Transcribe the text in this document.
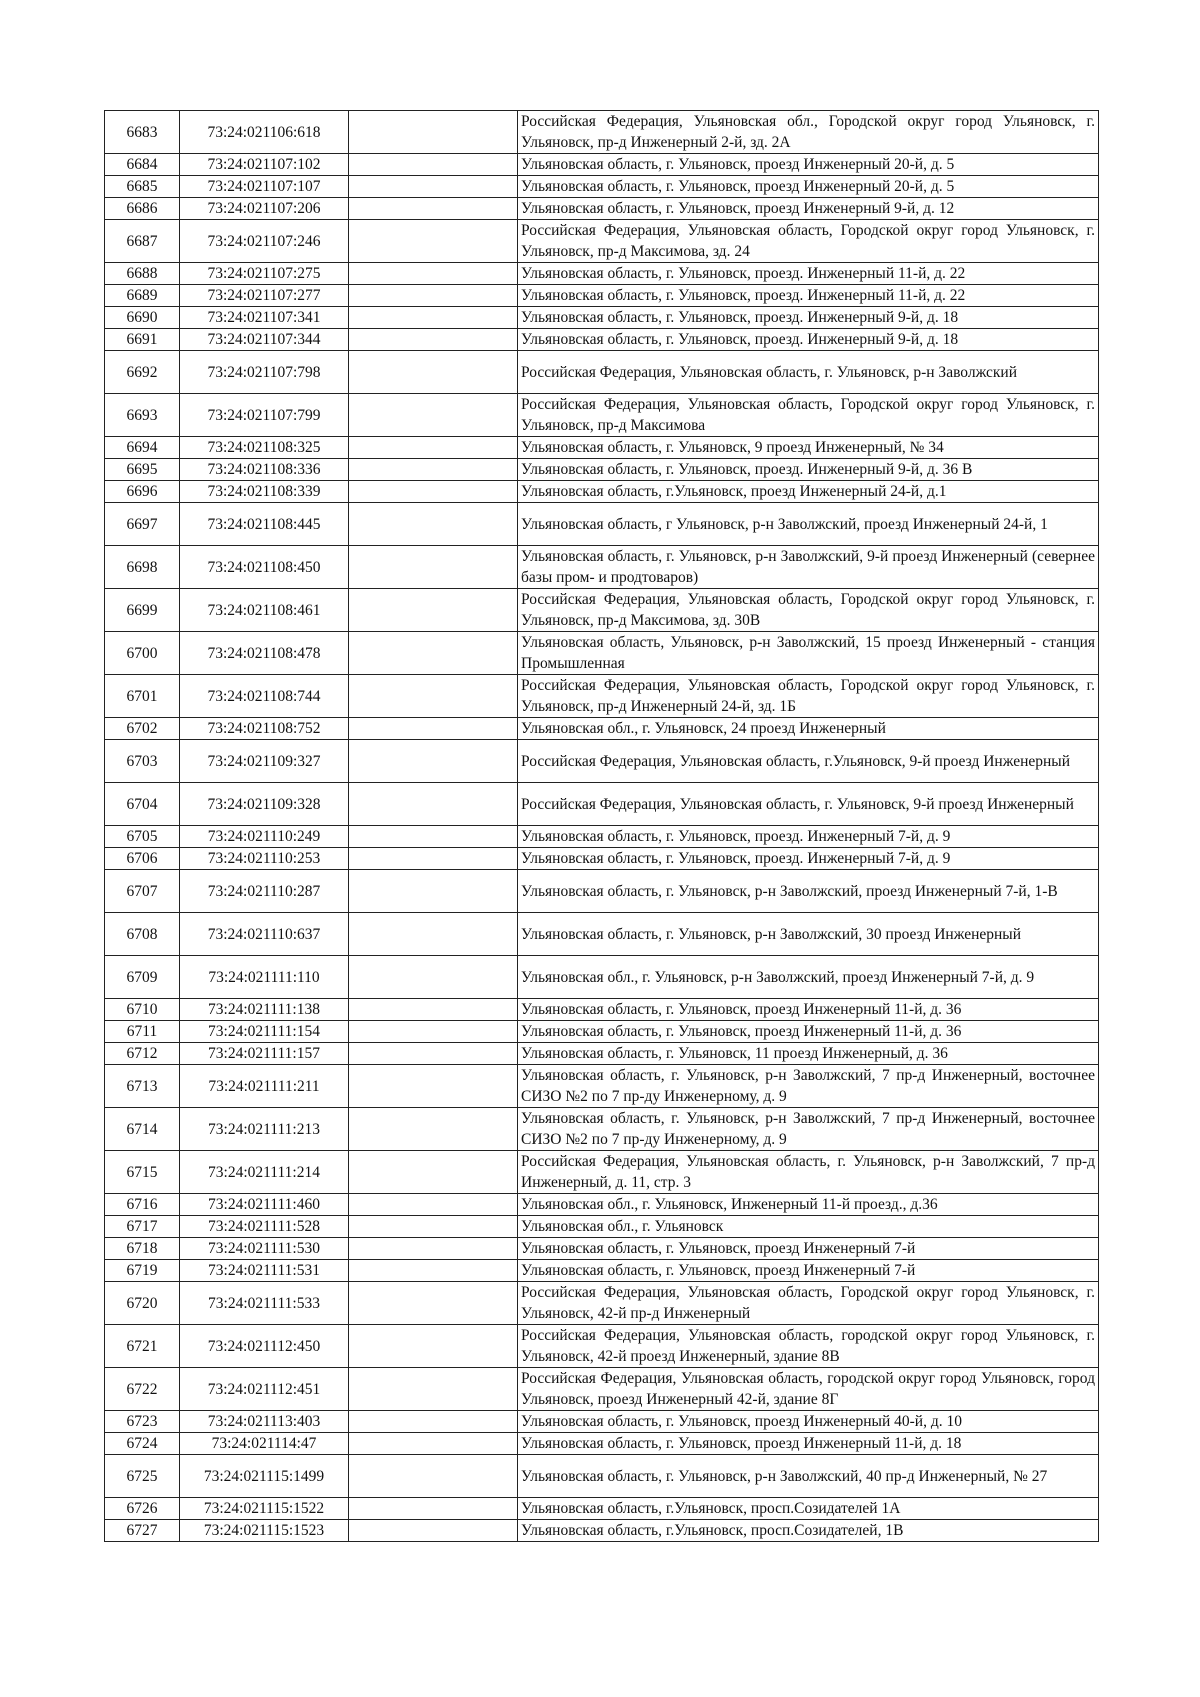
6683	73:24:021106:618		Российская Федерация, Ульяновская обл., Городской округ город Ульяновск, г. Ульяновск, пр-д Инженерный 2-й, зд. 2А
6684	73:24:021107:102		Ульяновская область, г. Ульяновск, проезд Инженерный 20-й, д. 5
6685	73:24:021107:107		Ульяновская область, г. Ульяновск, проезд Инженерный 20-й, д. 5
6686	73:24:021107:206		Ульяновская область, г. Ульяновск, проезд Инженерный 9-й, д. 12
6687	73:24:021107:246		Российская Федерация, Ульяновская область, Городской округ город Ульяновск, г. Ульяновск, пр-д Максимова, зд. 24
6688	73:24:021107:275		Ульяновская область, г. Ульяновск, проезд. Инженерный 11-й, д. 22
6689	73:24:021107:277		Ульяновская область, г. Ульяновск, проезд. Инженерный 11-й, д. 22
6690	73:24:021107:341		Ульяновская область, г. Ульяновск, проезд. Инженерный 9-й, д. 18
6691	73:24:021107:344		Ульяновская область, г. Ульяновск, проезд. Инженерный 9-й, д. 18
6692	73:24:021107:798		Российская Федерация, Ульяновская область, г. Ульяновск, р-н Заволжский
6693	73:24:021107:799		Российская Федерация, Ульяновская область, Городской округ город Ульяновск, г. Ульяновск, пр-д Максимова
6694	73:24:021108:325		Ульяновская область, г. Ульяновск, 9 проезд Инженерный, № 34
6695	73:24:021108:336		Ульяновская область, г. Ульяновск, проезд. Инженерный 9-й, д. 36 В
6696	73:24:021108:339		Ульяновская область, г.Ульяновск, проезд Инженерный 24-й, д.1
6697	73:24:021108:445		Ульяновская область, г Ульяновск, р-н Заволжский, проезд Инженерный 24-й, 1
6698	73:24:021108:450		Ульяновская область, г. Ульяновск, р-н Заволжский, 9-й проезд Инженерный (севернее базы пром- и продтоваров)
6699	73:24:021108:461		Российская Федерация, Ульяновская область, Городской округ город Ульяновск, г. Ульяновск, пр-д Максимова, зд. 30В
6700	73:24:021108:478		Ульяновская область, Ульяновск, р-н Заволжский, 15 проезд Инженерный - станция Промышленная
6701	73:24:021108:744		Российская Федерация, Ульяновская область, Городской округ город Ульяновск, г. Ульяновск, пр-д Инженерный 24-й, зд. 1Б
6702	73:24:021108:752		Ульяновская обл., г. Ульяновск, 24 проезд Инженерный
6703	73:24:021109:327		Российская Федерация, Ульяновская область, г.Ульяновск, 9-й проезд Инженерный
6704	73:24:021109:328		Российская Федерация, Ульяновская область, г. Ульяновск, 9-й проезд Инженерный
6705	73:24:021110:249		Ульяновская область, г. Ульяновск, проезд. Инженерный 7-й, д. 9
6706	73:24:021110:253		Ульяновская область, г. Ульяновск, проезд. Инженерный 7-й, д. 9
6707	73:24:021110:287		Ульяновская область, г. Ульяновск, р-н Заволжский, проезд Инженерный 7-й, 1-В
6708	73:24:021110:637		Ульяновская область, г. Ульяновск, р-н Заволжский, 30 проезд Инженерный
6709	73:24:021111:110		Ульяновская обл., г. Ульяновск, р-н Заволжский, проезд Инженерный 7-й, д. 9
6710	73:24:021111:138		Ульяновская область, г. Ульяновск, проезд Инженерный 11-й, д. 36
6711	73:24:021111:154		Ульяновская область, г. Ульяновск, проезд Инженерный 11-й, д. 36
6712	73:24:021111:157		Ульяновская область, г. Ульяновск, 11 проезд Инженерный, д. 36
6713	73:24:021111:211		Ульяновская область, г. Ульяновск, р-н Заволжский, 7 пр-д Инженерный, восточнее СИЗО №2 по 7 пр-ду Инженерному, д. 9
6714	73:24:021111:213		Ульяновская область, г. Ульяновск, р-н Заволжский, 7 пр-д Инженерный, восточнее СИЗО №2 по 7 пр-ду Инженерному, д. 9
6715	73:24:021111:214		Российская Федерация, Ульяновская область, г. Ульяновск, р-н Заволжский, 7 пр-д Инженерный, д. 11, стр. 3
6716	73:24:021111:460		Ульяновская обл., г. Ульяновск, Инженерный 11-й проезд., д.36
6717	73:24:021111:528		Ульяновская обл., г. Ульяновск
6718	73:24:021111:530		Ульяновская область, г. Ульяновск, проезд Инженерный 7-й
6719	73:24:021111:531		Ульяновская область, г. Ульяновск, проезд Инженерный 7-й
6720	73:24:021111:533		Российская Федерация, Ульяновская область, Городской округ город Ульяновск, г. Ульяновск, 42-й пр-д Инженерный
6721	73:24:021112:450		Российская Федерация, Ульяновская область, городской округ город Ульяновск, г. Ульяновск, 42-й проезд Инженерный, здание 8В
6722	73:24:021112:451		Российская Федерация, Ульяновская область, городской округ город Ульяновск, город Ульяновск, проезд Инженерный 42-й, здание 8Г
6723	73:24:021113:403		Ульяновская область, г. Ульяновск, проезд Инженерный 40-й, д. 10
6724	73:24:021114:47		Ульяновская область, г. Ульяновск, проезд Инженерный 11-й, д. 18
6725	73:24:021115:1499		Ульяновская область, г. Ульяновск, р-н Заволжский, 40 пр-д Инженерный, № 27
6726	73:24:021115:1522		Ульяновская область, г.Ульяновск, просп.Созидателей 1А
6727	73:24:021115:1523		Ульяновская область, г.Ульяновск, просп.Созидателей, 1В
